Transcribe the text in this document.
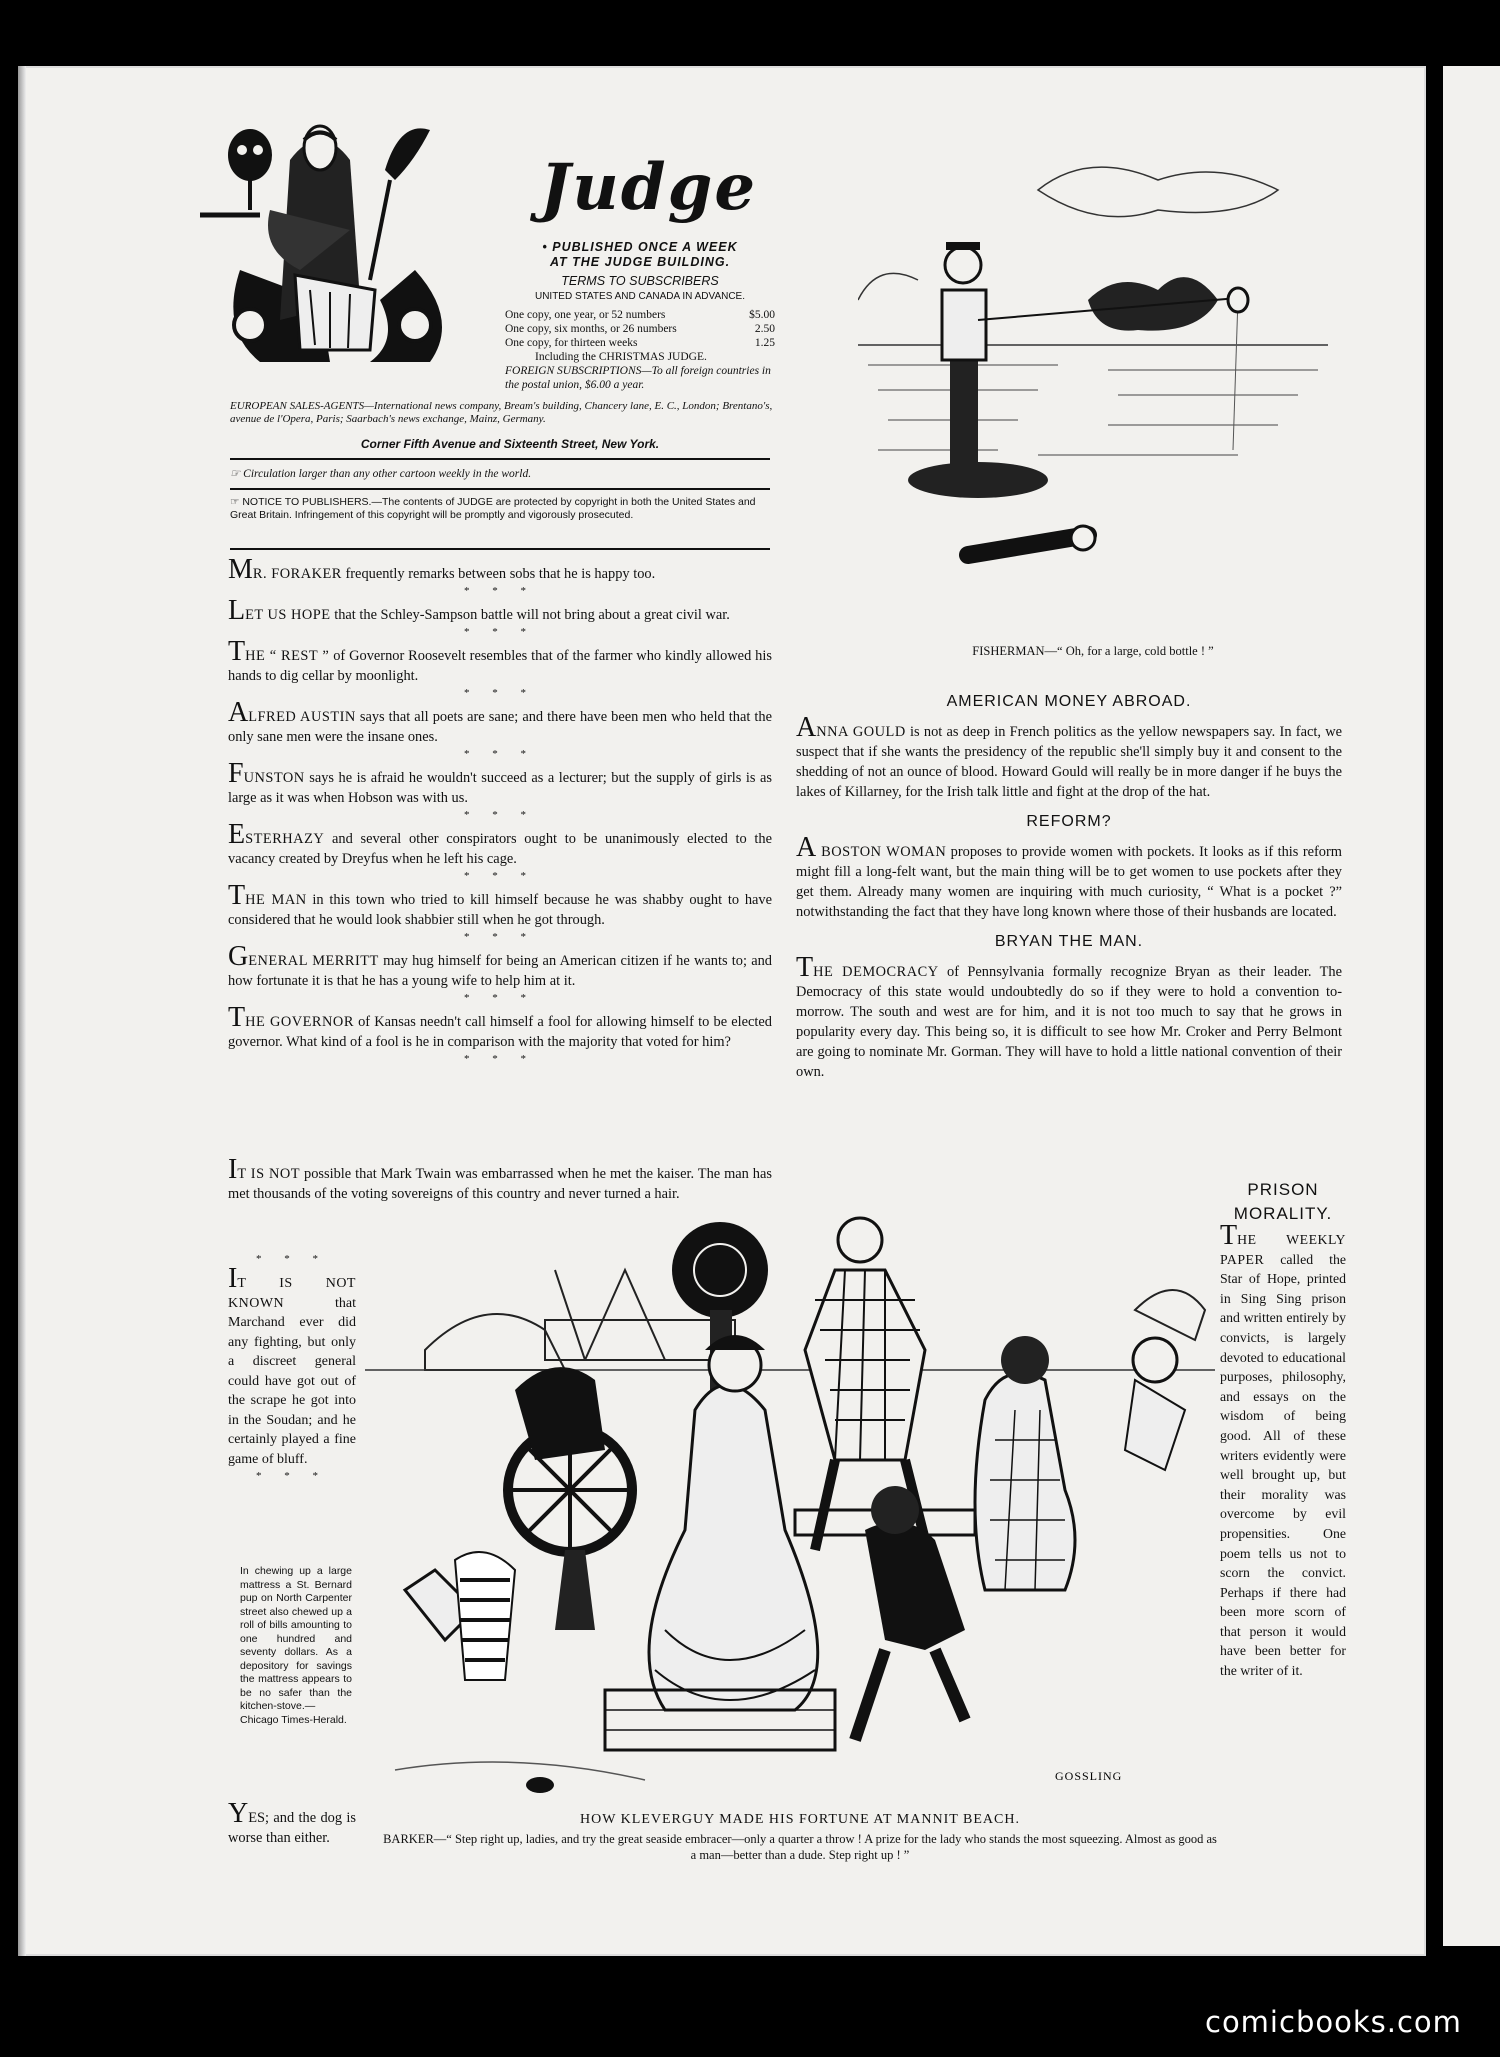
Judge
• PUBLISHED ONCE A WEEK
AT THE JUDGE BUILDING.
TERMS TO SUBSCRIBERS
UNITED STATES AND CANADA IN ADVANCE.
One copy, one year, or 52 numbers	$5.00
One copy, six months, or 26 numbers	2.50
One copy, for thirteen weeks	1.25
Including the CHRISTMAS JUDGE.
FOREIGN SUBSCRIPTIONS—To all foreign countries in the postal union, $6.00 a year.
EUROPEAN SALES-AGENTS—International news company, Bream's building, Chancery lane, E. C., London; Brentano's, avenue de l'Opera, Paris; Saarbach's news exchange, Mainz, Germany.
Corner Fifth Avenue and Sixteenth Street, New York.
☞ Circulation larger than any other cartoon weekly in the world.
☞ NOTICE TO PUBLISHERS.—The contents of JUDGE are protected by copyright in both the United States and Great Britain. Infringement of this copyright will be promptly and vigorously prosecuted.

MR. FORAKER frequently remarks between sobs that he is happy too.

* * *

LET US HOPE that the Schley-Sampson battle will not bring about a great civil war.

* * *

THE “ REST ” of Governor Roosevelt resembles that of the farmer who kindly allowed his hands to dig cellar by moonlight.

* * *

ALFRED AUSTIN says that all poets are sane; and there have been men who held that the only sane men were the insane ones.

* * *

FUNSTON says he is afraid he wouldn't succeed as a lecturer; but the supply of girls is as large as it was when Hobson was with us.

* * *

ESTERHAZY and several other conspirators ought to be unanimously elected to the vacancy created by Dreyfus when he left his cage.

* * *

THE MAN in this town who tried to kill himself because he was shabby ought to have considered that he would look shabbier still when he got through.

* * *

GENERAL MERRITT may hug himself for being an American citizen if he wants to; and how fortunate it is that he has a young wife to help him at it.

* * *

THE GOVERNOR of Kansas needn't call himself a fool for allowing himself to be elected governor. What kind of a fool is he in comparison with the majority that voted for him?

* * *

IT IS NOT possible that Mark Twain was embarrassed when he met the kaiser. The man has met thousands of the voting sovereigns of this country and never turned a hair.

* * *

IT IS NOT KNOWN that Marchand ever did any fighting, but only a discreet general could have got out of the scrape he got into in the Soudan; and he certainly played a fine game of bluff.

* * *
In chewing up a large mattress a St. Bernard pup on North Carpenter street also chewed up a roll of bills amounting to one hundred and seventy dollars. As a depository for savings the mattress appears to be no safer than the kitchen-stove.—Chicago Times-Herald.

YES; and the dog is worse than either.

FISHERMAN—“ Oh, for a large, cold bottle ! ”
AMERICAN MONEY ABROAD.

ANNA GOULD is not as deep in French politics as the yellow newspapers say. In fact, we suspect that if she wants the presidency of the republic she'll simply buy it and consent to the shedding of not an ounce of blood. Howard Gould will really be in more danger if he buys the lakes of Killarney, for the Irish talk little and fight at the drop of the hat.

REFORM?

A BOSTON WOMAN proposes to provide women with pockets. It looks as if this reform might fill a long-felt want, but the main thing will be to get women to use pockets after they get them. Already many women are inquiring with much curiosity, “ What is a pocket ?” notwithstanding the fact that they have long known where those of their husbands are located.

BRYAN THE MAN.

THE DEMOCRACY of Pennsylvania formally recognize Bryan as their leader. The Democracy of this state would undoubtedly do so if they were to hold a convention to-morrow. The south and west are for him, and it is not too much to say that he grows in popularity every day. This being so, it is difficult to see how Mr. Croker and Perry Belmont are going to nominate Mr. Gorman. They will have to hold a little national convention of their own.

PRISON
MORALITY.

THE WEEKLY PAPER called the Star of Hope, printed in Sing Sing prison and written entirely by convicts, is largely devoted to educational purposes, philosophy, and essays on the wisdom of being good. All of these writers evidently were well brought up, but their morality was overcome by evil propensities. One poem tells us not to scorn the convict. Perhaps if there had been more scorn of that person it would have been better for the writer of it.

GOSSLING
HOW KLEVERGUY MADE HIS FORTUNE AT MANNIT BEACH.
BARKER—“ Step right up, ladies, and try the great seaside embracer—only a quarter a throw ! A prize for the lady who stands the most squeezing. Almost as good as a man—better than a dude. Step right up ! ”
comicbooks.com
